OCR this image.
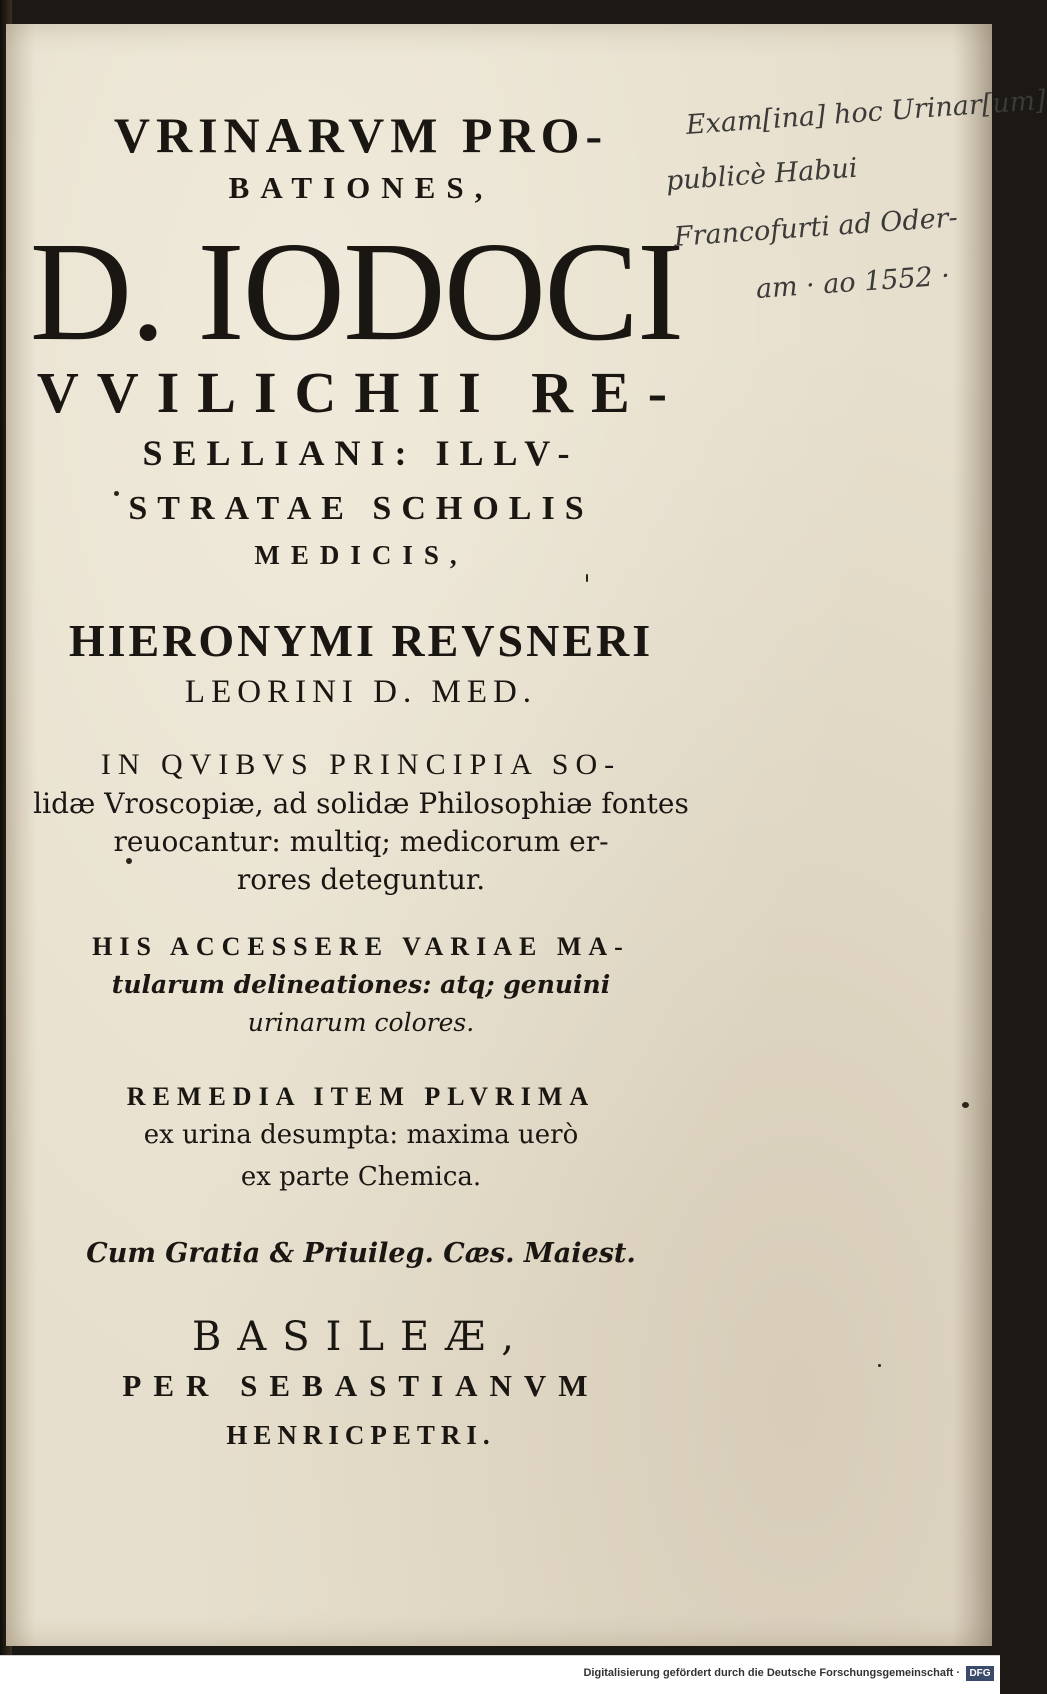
VRINARVM PRO-
BATIONES,
D. IODOCI
VVILICHII RE-
SELLIANI: ILLV-
STRATAE SCHOLIS
MEDICIS,
HIERONYMI REVSNERI
LEORINI D. MED.
IN QVIBVS PRINCIPIA SO-
lidæ Vroscopiæ, ad solidæ Philosophiæ fontes
reuocantur: multiq; medicorum er-
rores deteguntur.
HIS ACCESSERE VARIAE MA-
tularum delineationes: atq; genuini
urinarum colores.
REMEDIA ITEM PLVRIMA
ex urina desumpta: maxima uerò
ex parte Chemica.
Cum Gratia & Priuileg. Cæs. Maiest.
BASILEÆ,
PER SEBASTIANVM
HENRICPETRI.
Exam[ina] hoc Urinar[um]
publicè Habui
Francofurti ad Oder-
am · ao 1552 ·
Digitalisierung gefördert durch die Deutsche Forschungsgemeinschaft · DFG
